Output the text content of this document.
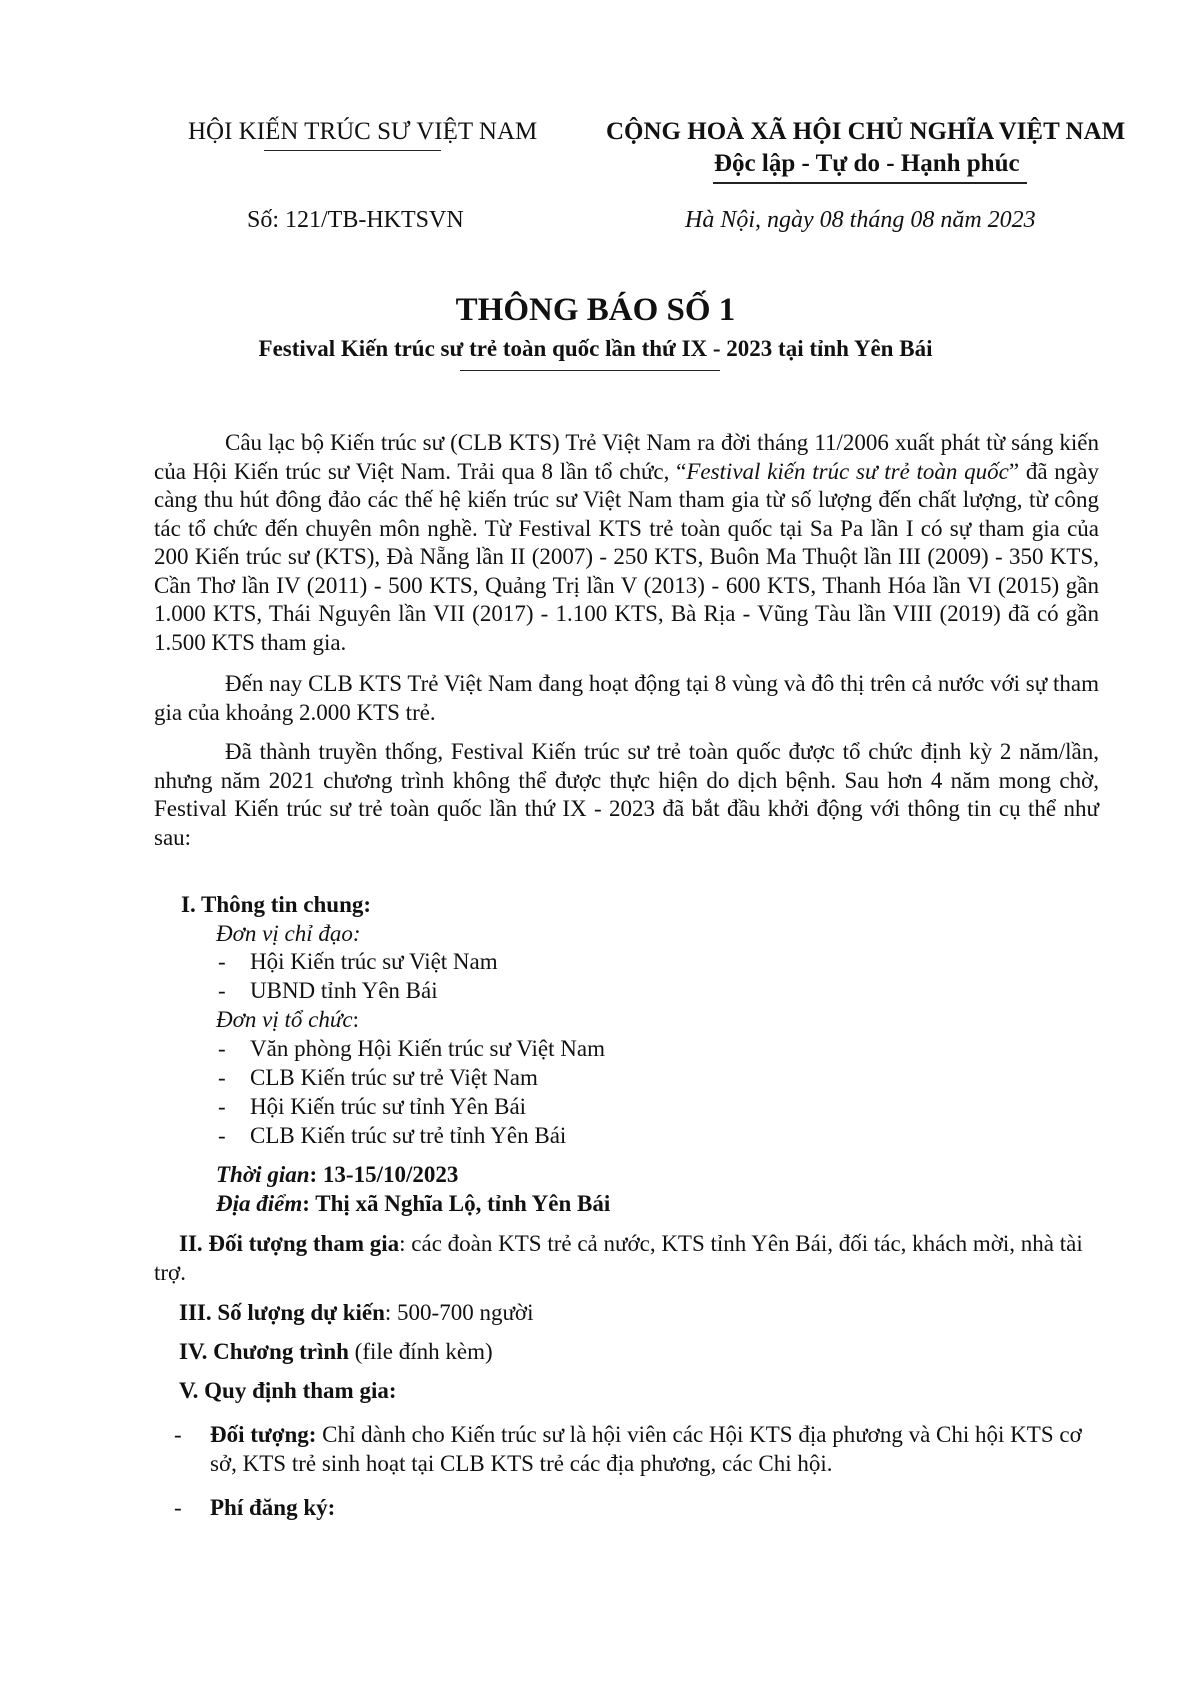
HỘI KIẾN TRÚC SƯ VIỆT NAM	CỘNG HOÀ XÃ HỘI CHỦ NGHĨA VIỆT NAM
Độc lập - Tự do - Hạnh phúc
Số: 121/TB-HKTSVN	Hà Nội, ngày 08 tháng 08 năm 2023
THÔNG BÁO SỐ 1
Festival Kiến trúc sư trẻ toàn quốc lần thứ IX - 2023 tại tỉnh Yên Bái
Câu lạc bộ Kiến trúc sư (CLB KTS) Trẻ Việt Nam ra đời tháng 11/2006 xuất phát từ sáng kiến của Hội Kiến trúc sư Việt Nam. Trải qua 8 lần tổ chức, “Festival kiến trúc sư trẻ toàn quốc” đã ngày càng thu hút đông đảo các thế hệ kiến trúc sư Việt Nam tham gia từ số lượng đến chất lượng, từ công tác tổ chức đến chuyên môn nghề. Từ Festival KTS trẻ toàn quốc tại Sa Pa lần I có sự tham gia của 200 Kiến trúc sư (KTS), Đà Nẵng lần II (2007) - 250 KTS, Buôn Ma Thuột lần III (2009) - 350 KTS, Cần Thơ lần IV (2011) - 500 KTS, Quảng Trị lần V (2013) - 600 KTS, Thanh Hóa lần VI (2015) gần 1.000 KTS, Thái Nguyên lần VII (2017) - 1.100 KTS, Bà Rịa - Vũng Tàu lần VIII (2019) đã có gần 1.500 KTS tham gia.
Đến nay CLB KTS Trẻ Việt Nam đang hoạt động tại 8 vùng và đô thị trên cả nước với sự tham gia của khoảng 2.000 KTS trẻ.
Đã thành truyền thống, Festival Kiến trúc sư trẻ toàn quốc được tổ chức định kỳ 2 năm/lần, nhưng năm 2021 chương trình không thể được thực hiện do dịch bệnh. Sau hơn 4 năm mong chờ, Festival Kiến trúc sư trẻ toàn quốc lần thứ IX - 2023 đã bắt đầu khởi động với thông tin cụ thể như sau:
I. Thông tin chung:
Đơn vị chỉ đạo:
- Hội Kiến trúc sư Việt Nam
- UBND tỉnh Yên Bái
Đơn vị tổ chức:
- Văn phòng Hội Kiến trúc sư Việt Nam
- CLB Kiến trúc sư trẻ Việt Nam
- Hội Kiến trúc sư tỉnh Yên Bái
- CLB Kiến trúc sư trẻ tỉnh Yên Bái
Thời gian: 13-15/10/2023
Địa điểm: Thị xã Nghĩa Lộ, tỉnh Yên Bái
II. Đối tượng tham gia: các đoàn KTS trẻ cả nước, KTS tỉnh Yên Bái, đối tác, khách mời, nhà tài trợ.
III. Số lượng dự kiến: 500-700 người
IV. Chương trình (file đính kèm)
V. Quy định tham gia:
- Đối tượng: Chỉ dành cho Kiến trúc sư là hội viên các Hội KTS địa phương và Chi hội KTS cơ sở, KTS trẻ sinh hoạt tại CLB KTS trẻ các địa phương, các Chi hội.
- Phí đăng ký:
